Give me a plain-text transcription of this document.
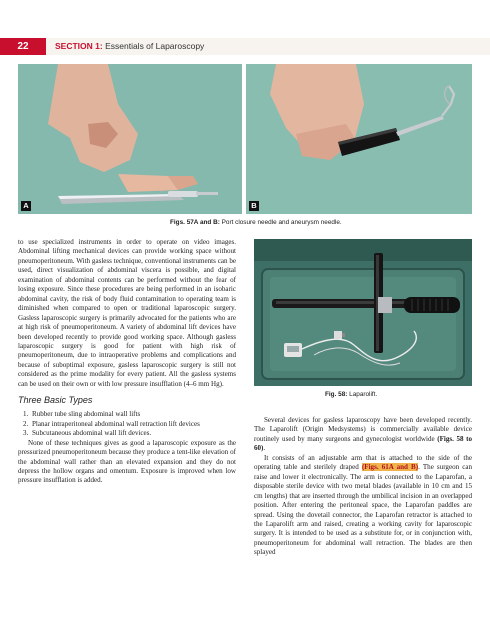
22	SECTION 1: Essentials of Laparoscopy
A	B
Figs. 57A and B: Port closure needle and aneurysm needle.

to use specialized instruments in order to operate on video images. Abdominal lifting mechanical devices can provide working space without pneumoperitoneum. With gasless technique, conventional instruments can be used, direct visualization of abdominal viscera is possible, and digital examination of abdominal contents can be performed without the fear of losing exposure. Since these procedures are being performed in an isobaric abdominal cavity, the risk of body fluid contamination to operating team is diminished when compared to open or traditional laparoscopic surgery. Gasless laparoscopic surgery is primarily advocated for the patients who are at high risk of pneumoperitoneum. A variety of abdominal lift devices have been developed recently to provide good working space. Although gasless laparoscopic surgery is good for patient with high risk of pneumoperitoneum, due to intraoperative problems and complications and because of suboptimal exposure, gasless laparoscopic surgery is still not considered as the prime modality for every patient. All the gasless systems can be used on their own or with low pressure insufflation (4–6 mm Hg).

Three Basic Types
1. Rubber tube sling abdominal wall lifts
2. Planar intraperitoneal abdominal wall retraction lift devices
3. Subcutaneous abdominal wall lift devices.

None of these techniques gives as good a laparoscopic exposure as the pressurized pneumoperitoneum because they produce a tent-like elevation of the abdominal wall rather than an elevated expansion and they do not depress the hollow organs and omentum. Exposure is improved when low pressure insufflation is added.

Fig. 58: Laparolift.

Several devices for gasless laparoscopy have been developed recently. The Laparolift (Origin Medsystems) is commercially available device routinely used by many surgeons and gynecologist worldwide (Figs. 58 to 60).

It consists of an adjustable arm that is attached to the side of the operating table and sterilely draped (Figs. 61A and B). The surgeon can raise and lower it electronically. The arm is connected to the Laparofan, a disposable sterile device with two metal blades (available in 10 cm and 15 cm lengths) that are inserted through the umbilical incision in an overlapped position. After entering the peritoneal space, the Laparofan paddles are spread. Using the dovetail connector, the Laparofan retractor is attached to the Laparolift arm and raised, creating a working cavity for laparoscopic surgery. It is intended to be used as a substitute for, or in conjunction with, pneumoperitoneum for abdominal wall retraction. The blades are then splayed
